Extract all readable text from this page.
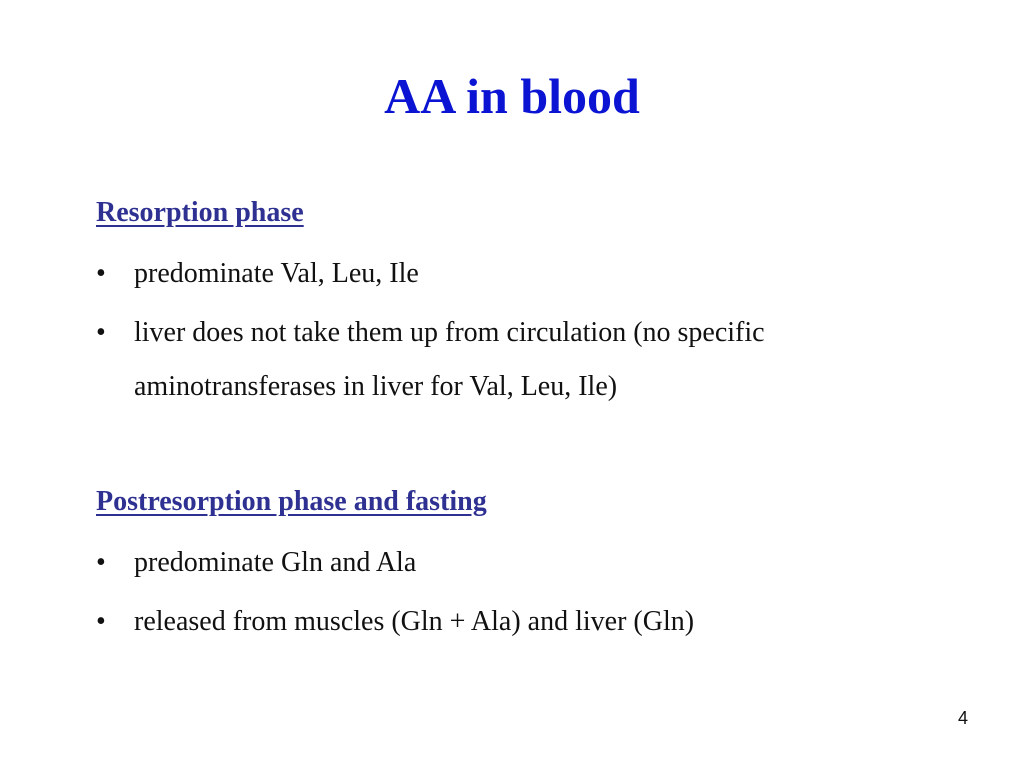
AA in blood
Resorption phase
• predominate Val, Leu, Ile
• liver does not take them up from circulation (no specific aminotransferases in liver for Val, Leu, Ile)
Postresorption phase and fasting
• predominate Gln and Ala
• released from muscles (Gln + Ala) and liver (Gln)
4
